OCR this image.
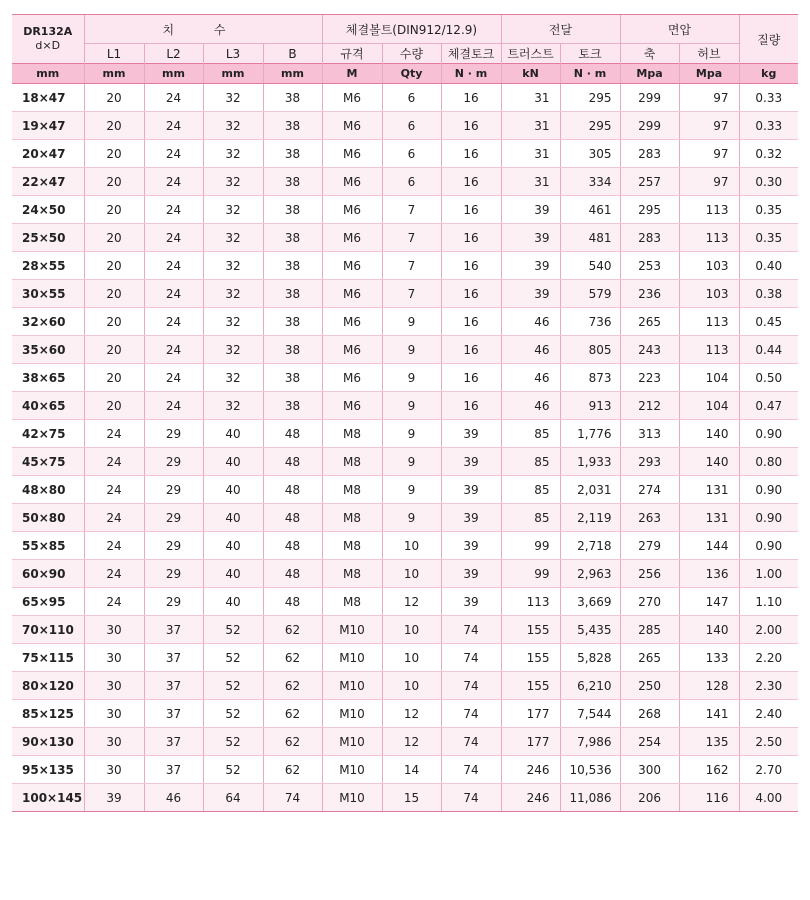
DR132A
d×D	치 수				체결볼트(DIN912/12.9)			전달		면압		질량
	L1	L2	L3	B	규격	수량	체결토크	트러스트	토크	축	허브	
mm	mm	mm	mm	mm	M	Qty	N · m	kN	N · m	Mpa	Mpa	kg
18×47	20	24	32	38	M6	6	16	31	295	299	97	0.33
19×47	20	24	32	38	M6	6	16	31	295	299	97	0.33
20×47	20	24	32	38	M6	6	16	31	305	283	97	0.32
22×47	20	24	32	38	M6	6	16	31	334	257	97	0.30
24×50	20	24	32	38	M6	7	16	39	461	295	113	0.35
25×50	20	24	32	38	M6	7	16	39	481	283	113	0.35
28×55	20	24	32	38	M6	7	16	39	540	253	103	0.40
30×55	20	24	32	38	M6	7	16	39	579	236	103	0.38
32×60	20	24	32	38	M6	9	16	46	736	265	113	0.45
35×60	20	24	32	38	M6	9	16	46	805	243	113	0.44
38×65	20	24	32	38	M6	9	16	46	873	223	104	0.50
40×65	20	24	32	38	M6	9	16	46	913	212	104	0.47
42×75	24	29	40	48	M8	9	39	85	1,776	313	140	0.90
45×75	24	29	40	48	M8	9	39	85	1,933	293	140	0.80
48×80	24	29	40	48	M8	9	39	85	2,031	274	131	0.90
50×80	24	29	40	48	M8	9	39	85	2,119	263	131	0.90
55×85	24	29	40	48	M8	10	39	99	2,718	279	144	0.90
60×90	24	29	40	48	M8	10	39	99	2,963	256	136	1.00
65×95	24	29	40	48	M8	12	39	113	3,669	270	147	1.10
70×110	30	37	52	62	M10	10	74	155	5,435	285	140	2.00
75×115	30	37	52	62	M10	10	74	155	5,828	265	133	2.20
80×120	30	37	52	62	M10	10	74	155	6,210	250	128	2.30
85×125	30	37	52	62	M10	12	74	177	7,544	268	141	2.40
90×130	30	37	52	62	M10	12	74	177	7,986	254	135	2.50
95×135	30	37	52	62	M10	14	74	246	10,536	300	162	2.70
100×145	39	46	64	74	M10	15	74	246	11,086	206	116	4.00
